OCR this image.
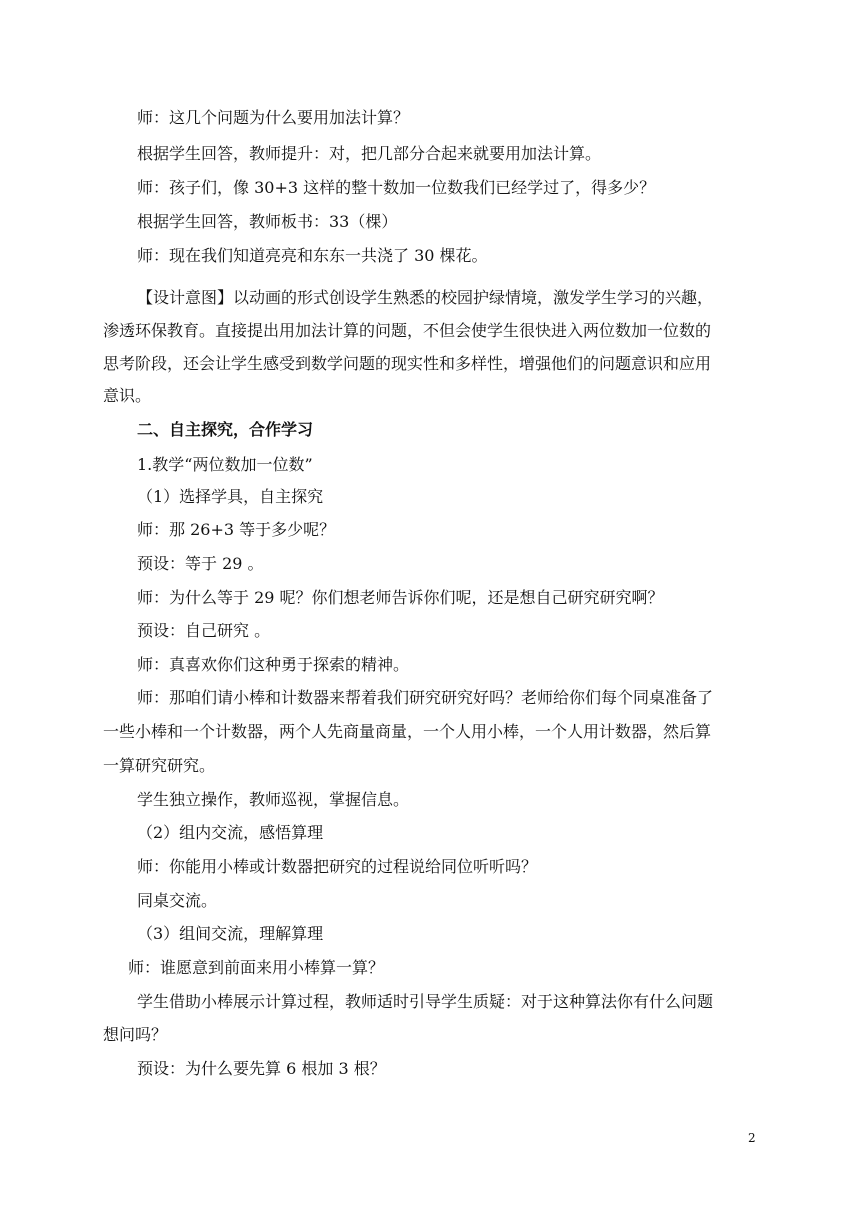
师：这几个问题为什么要用加法计算？
根据学生回答，教师提升：对，把几部分合起来就要用加法计算。
师：孩子们，像 30+3 这样的整十数加一位数我们已经学过了，得多少？
根据学生回答，教师板书：33（棵）
师：现在我们知道亮亮和东东一共浇了 30 棵花。
【设计意图】以动画的形式创设学生熟悉的校园护绿情境，激发学生学习的兴趣，
渗透环保教育。直接提出用加法计算的问题，不但会使学生很快进入两位数加一位数的
思考阶段，还会让学生感受到数学问题的现实性和多样性，增强他们的问题意识和应用
意识。
二、自主探究，合作学习
1.教学“两位数加一位数”
（1）选择学具，自主探究
师：那 26+3 等于多少呢？
预设：等于 29 。
师：为什么等于 29 呢？你们想老师告诉你们呢，还是想自己研究研究啊？
预设：自己研究 。
师：真喜欢你们这种勇于探索的精神。
师：那咱们请小棒和计数器来帮着我们研究研究好吗？老师给你们每个同桌准备了
一些小棒和一个计数器，两个人先商量商量，一个人用小棒，一个人用计数器，然后算
一算研究研究。
学生独立操作，教师巡视，掌握信息。
（2）组内交流，感悟算理
师：你能用小棒或计数器把研究的过程说给同位听听吗？
同桌交流。
（3）组间交流，理解算理
师：谁愿意到前面来用小棒算一算？
学生借助小棒展示计算过程，教师适时引导学生质疑：对于这种算法你有什么问题
想问吗？
预设：为什么要先算 6 根加 3 根？
2
